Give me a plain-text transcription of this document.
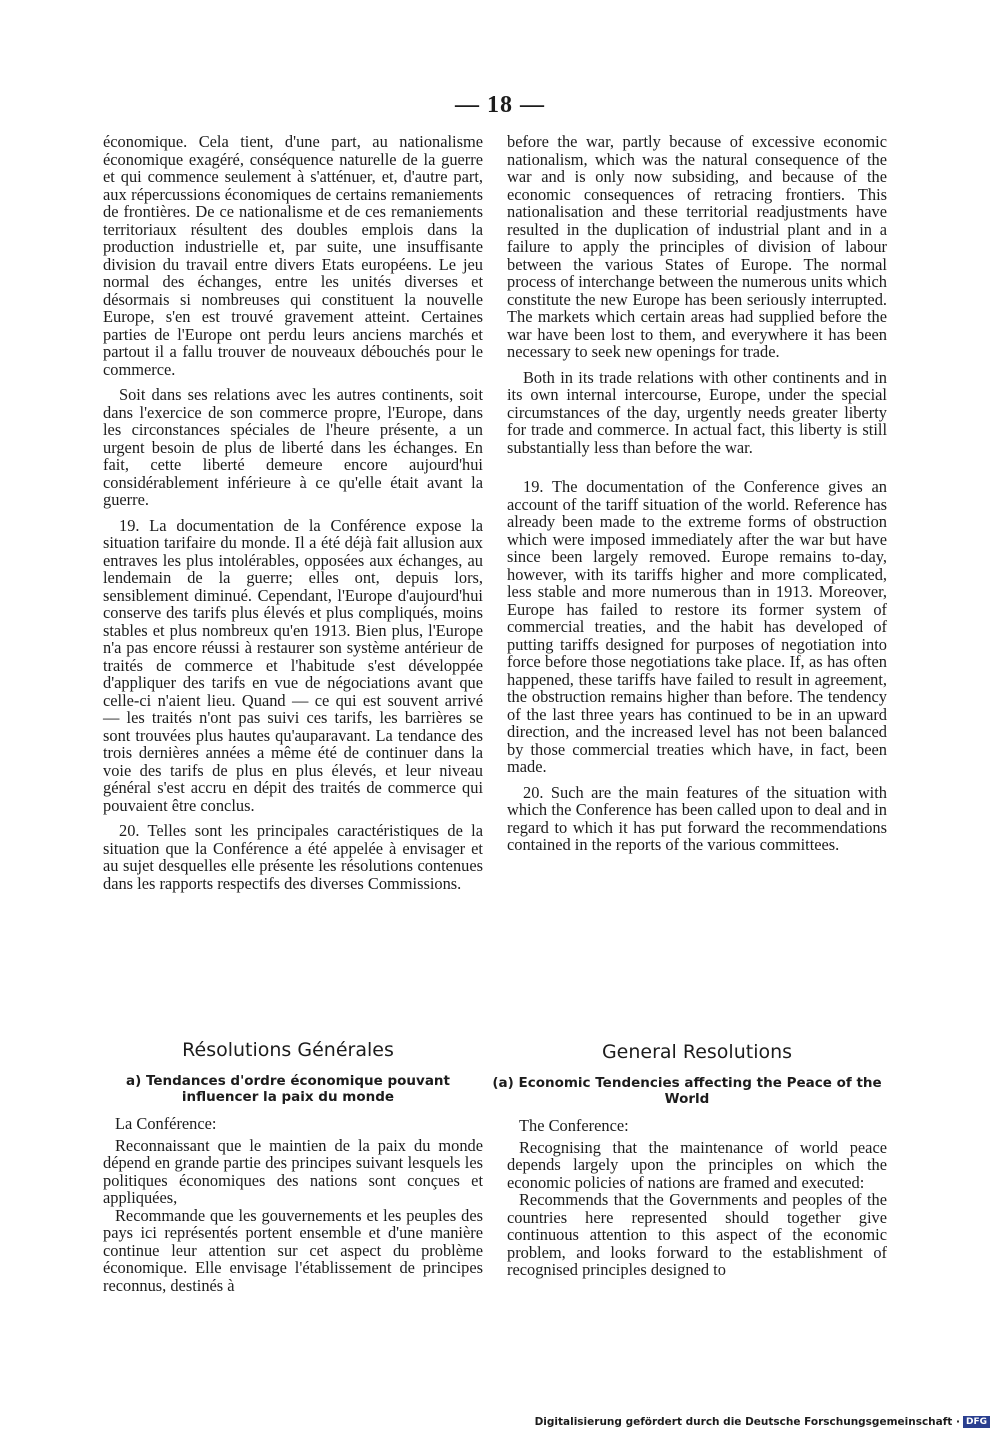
— 18 —

économique. Cela tient, d'une part, au nationalisme économique exagéré, conséquence naturelle de la guerre et qui commence seulement à s'atténuer, et, d'autre part, aux répercussions économiques de certains remaniements de frontières. De ce nationalisme et de ces remaniements territoriaux résultent des doubles emplois dans la production industrielle et, par suite, une insuffisante division du travail entre divers Etats européens. Le jeu normal des échanges, entre les unités diverses et désormais si nombreuses qui constituent la nouvelle Europe, s'en est trouvé gravement atteint. Certaines parties de l'Europe ont perdu leurs anciens marchés et partout il a fallu trouver de nouveaux débouchés pour le commerce.

Soit dans ses relations avec les autres continents, soit dans l'exercice de son commerce propre, l'Europe, dans les circonstances spéciales de l'heure présente, a un urgent besoin de plus de liberté dans les échanges. En fait, cette liberté demeure encore aujourd'hui considérablement inférieure à ce qu'elle était avant la guerre.

19. La documentation de la Conférence expose la situation tarifaire du monde. Il a été déjà fait allusion aux entraves les plus intolérables, opposées aux échanges, au lendemain de la guerre; elles ont, depuis lors, sensiblement diminué. Cependant, l'Europe d'aujourd'hui conserve des tarifs plus élevés et plus compliqués, moins stables et plus nombreux qu'en 1913. Bien plus, l'Europe n'a pas encore réussi à restaurer son système antérieur de traités de commerce et l'habitude s'est développée d'appliquer des tarifs en vue de négociations avant que celle-ci n'aient lieu. Quand — ce qui est souvent arrivé — les traités n'ont pas suivi ces tarifs, les barrières se sont trouvées plus hautes qu'auparavant. La tendance des trois dernières années a même été de continuer dans la voie des tarifs de plus en plus élevés, et leur niveau général s'est accru en dépit des traités de commerce qui pouvaient être conclus.

20. Telles sont les principales caractéristiques de la situation que la Conférence a été appelée à envisager et au sujet desquelles elle présente les résolutions contenues dans les rapports respectifs des diverses Commissions.

before the war, partly because of excessive economic nationalism, which was the natural consequence of the war and is only now subsiding, and because of the economic consequences of retracing frontiers. This nationalisation and these territorial readjustments have resulted in the duplication of industrial plant and in a failure to apply the principles of division of labour between the various States of Europe. The normal process of interchange between the numerous units which constitute the new Europe has been seriously interrupted. The markets which certain areas had supplied before the war have been lost to them, and everywhere it has been necessary to seek new openings for trade.

Both in its trade relations with other continents and in its own internal intercourse, Europe, under the special circumstances of the day, urgently needs greater liberty for trade and commerce. In actual fact, this liberty is still substantially less than before the war.

19. The documentation of the Conference gives an account of the tariff situation of the world. Reference has already been made to the extreme forms of obstruction which were imposed immediately after the war but have since been largely removed. Europe remains to-day, however, with its tariffs higher and more complicated, less stable and more numerous than in 1913. Moreover, Europe has failed to restore its former system of commercial treaties, and the habit has developed of putting tariffs designed for purposes of negotiation into force before those negotiations take place. If, as has often happened, these tariffs have failed to result in agreement, the obstruction remains higher than before. The tendency of the last three years has continued to be in an upward direction, and the increased level has not been balanced by those commercial treaties which have, in fact, been made.

20. Such are the main features of the situation with which the Conference has been called upon to deal and in regard to which it has put forward the recommendations contained in the reports of the various committees.

Résolutions Générales

a) Tendances d'ordre économique pouvant influencer la paix du monde

La Conférence:

Reconnaissant que le maintien de la paix du monde dépend en grande partie des principes suivant lesquels les politiques économiques des nations sont conçues et appliquées,

Recommande que les gouvernements et les peuples des pays ici représentés portent ensemble et d'une manière continue leur attention sur cet aspect du problème économique. Elle envisage l'établissement de principes reconnus, destinés à

General Resolutions

(a) Economic Tendencies affecting the Peace of the World

The Conference:

Recognising that the maintenance of world peace depends largely upon the principles on which the economic policies of nations are framed and executed:

Recommends that the Governments and peoples of the countries here represented should together give continuous attention to this aspect of the economic problem, and looks forward to the establishment of recognised principles designed to

Digitalisierung gefördert durch die Deutsche Forschungsgemeinschaft · DFG
